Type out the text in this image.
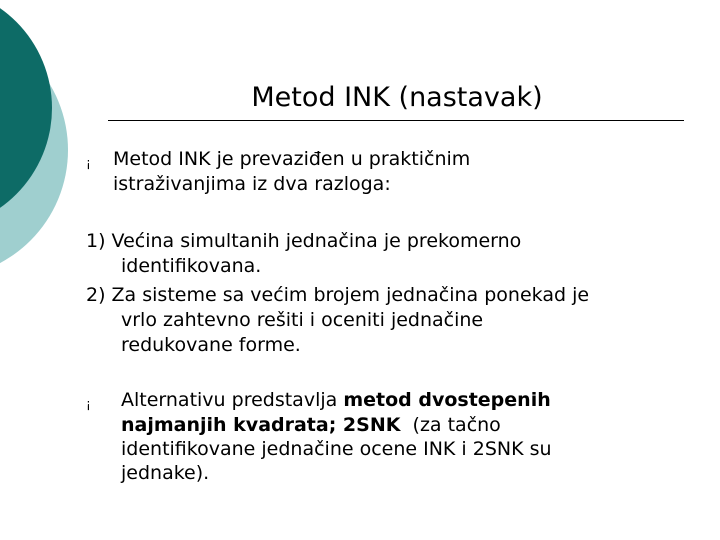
Metod INK (nastavak)
¡ Metod INK je prevaziđen u praktičnim

istraživanjima iz dva razloga:

1) Većina simultanih jednačina je prekomerno

identifikovana.

2) Za sisteme sa većim brojem jednačina ponekad je

vrlo zahtevno rešiti i oceniti jednačine

redukovane forme.

¡ Alternativu predstavlja metod dvostepenih

najmanjih kvadrata; 2SNK  (za tačno

identifikovane jednačine ocene INK i 2SNK su

jednake).
